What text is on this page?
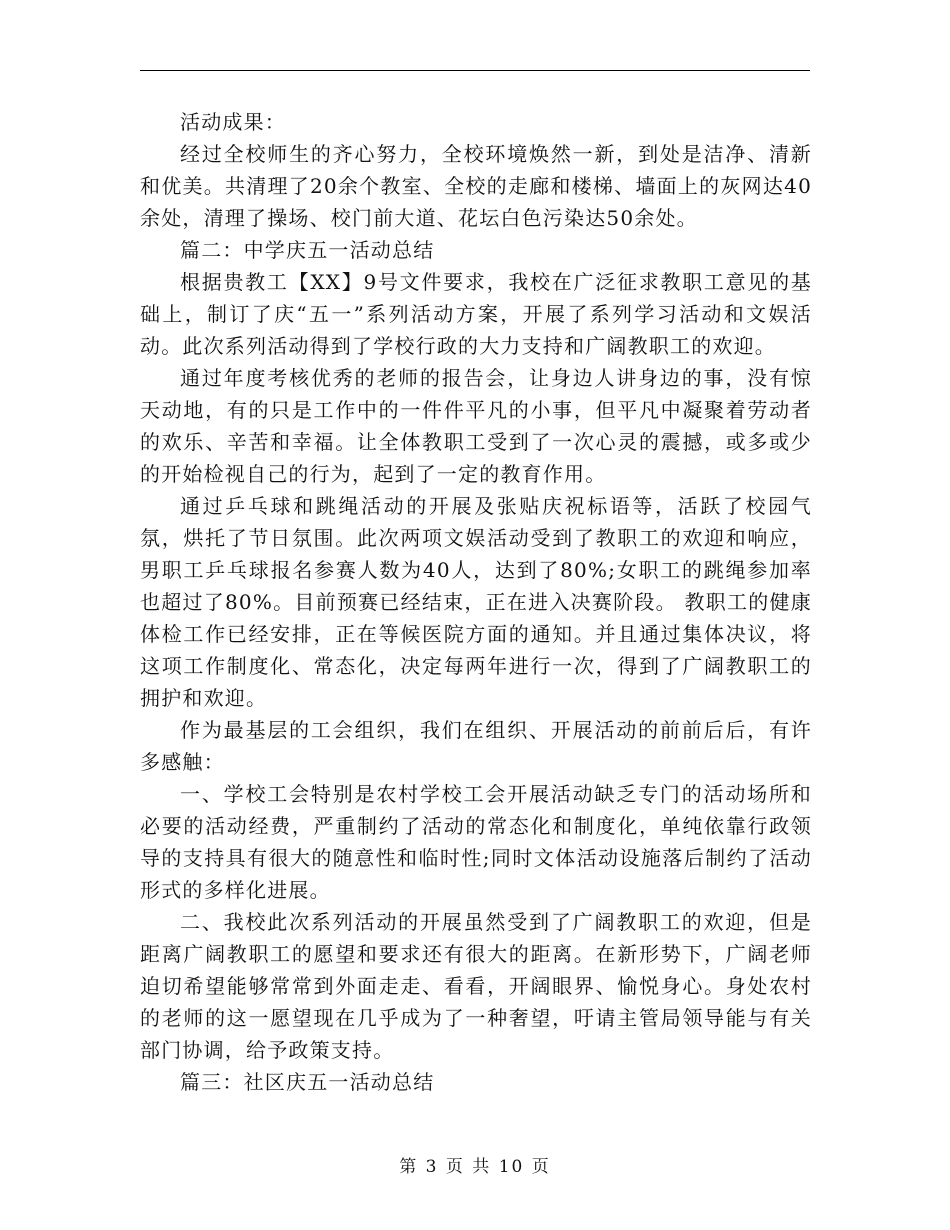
活动成果：

经过全校师生的齐心努力，全校环境焕然一新，到处是洁净、清新和优美。共清理了20余个教室、全校的走廊和楼梯、墙面上的灰网达40余处，清理了操场、校门前大道、花坛白色污染达50余处。

篇二：中学庆五一活动总结

根据贵教工【XX】9号文件要求，我校在广泛征求教职工意见的基础上，制订了庆“五一”系列活动方案，开展了系列学习活动和文娱活动。此次系列活动得到了学校行政的大力支持和广阔教职工的欢迎。

通过年度考核优秀的老师的报告会，让身边人讲身边的事，没有惊天动地，有的只是工作中的一件件平凡的小事，但平凡中凝聚着劳动者的欢乐、辛苦和幸福。让全体教职工受到了一次心灵的震撼，或多或少的开始检视自己的行为，起到了一定的教育作用。

通过乒乓球和跳绳活动的开展及张贴庆祝标语等，活跃了校园气氛，烘托了节日氛围。此次两项文娱活动受到了教职工的欢迎和响应，男职工乒乓球报名参赛人数为40人，达到了80%;女职工的跳绳参加率也超过了80%。目前预赛已经结束，正在进入决赛阶段。 教职工的健康体检工作已经安排，正在等候医院方面的通知。并且通过集体决议，将这项工作制度化、常态化，决定每两年进行一次，得到了广阔教职工的拥护和欢迎。

作为最基层的工会组织，我们在组织、开展活动的前前后后，有许多感触：

一、学校工会特别是农村学校工会开展活动缺乏专门的活动场所和必要的活动经费，严重制约了活动的常态化和制度化，单纯依靠行政领导的支持具有很大的随意性和临时性;同时文体活动设施落后制约了活动形式的多样化进展。

二、我校此次系列活动的开展虽然受到了广阔教职工的欢迎，但是距离广阔教职工的愿望和要求还有很大的距离。在新形势下，广阔老师迫切希望能够常常到外面走走、看看，开阔眼界、愉悦身心。身处农村的老师的这一愿望现在几乎成为了一种奢望，吁请主管局领导能与有关部门协调，给予政策支持。

篇三：社区庆五一活动总结

第 3 页 共 10 页
